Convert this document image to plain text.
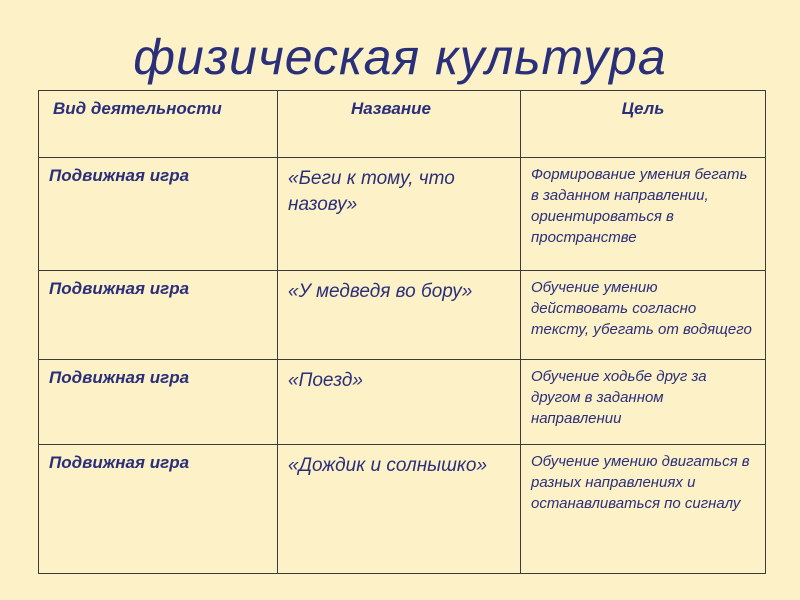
физическая культура
Вид деятельности	Название	Цель

Подвижная игра	«Беги к тому, что назову»	Формирование умения бегать в заданном направлении, ориентироваться в пространстве

Подвижная игра	«У медведя во бору»	Обучение умению действовать согласно тексту, убегать от водящего

Подвижная игра	«Поезд»	Обучение ходьбе друг за другом в заданном направлении

Подвижная игра	«Дождик и солнышко»	Обучение умению двигаться в разных направлениях и останавливаться по сигналу
